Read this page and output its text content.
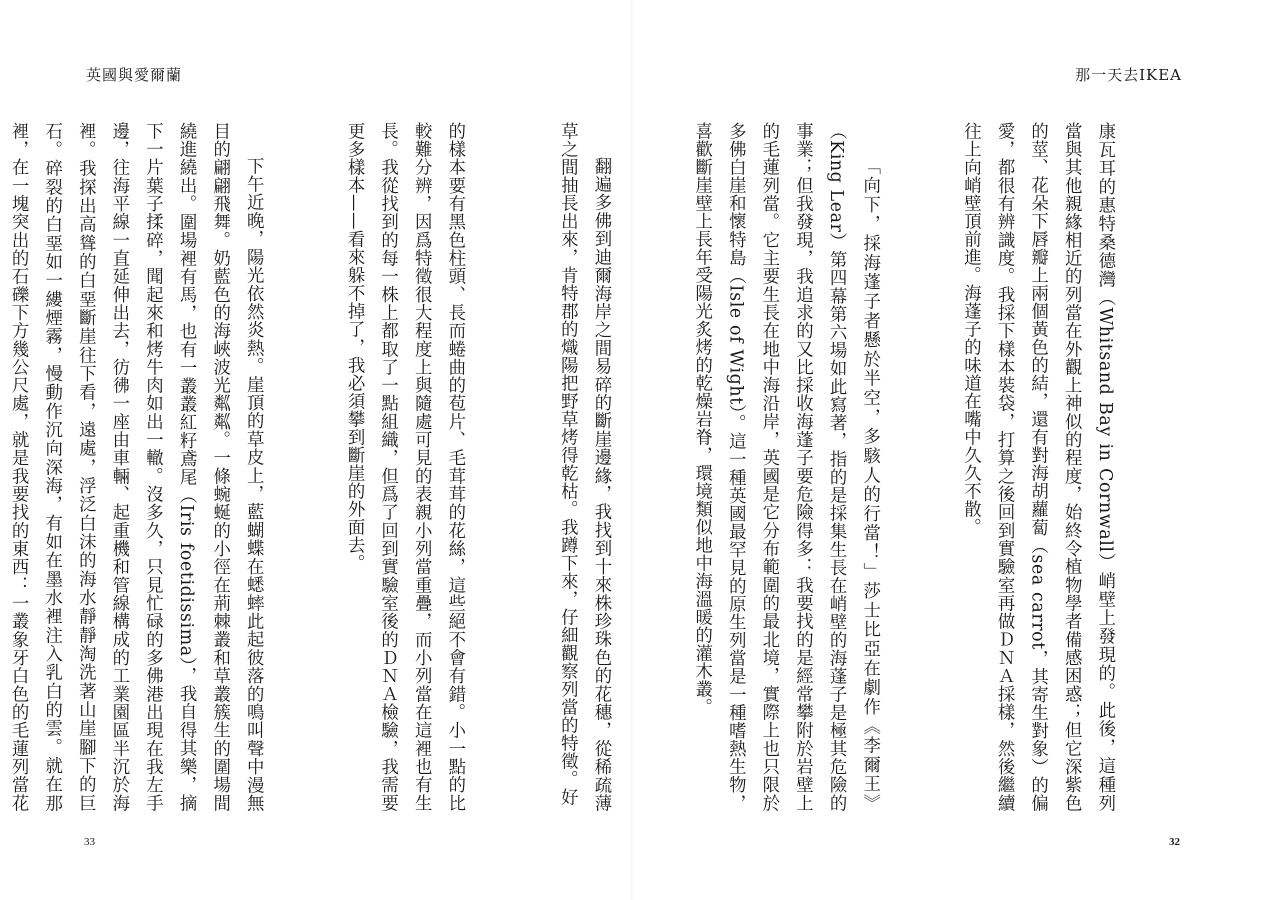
英國與愛爾蘭

的樣本要有黑色柱頭、長而蜷曲的苞片、毛茸茸的花絲，這些絕不會有錯。小一點的比較難分辨，因爲特徵很大程度上與隨處可見的表親小列當重疊，而小列當在這裡也有生長。我從找到的每一株上都取了一點組織，但爲了回到實驗室後的ＤＮＡ檢驗，我需要更多樣本——看來躲不掉了，我必須攀到斷崖的外面去。

下午近晚，陽光依然炎熱。崖頂的草皮上，藍蝴蝶在蟋蟀此起彼落的鳴叫聲中漫無目的翩翩飛舞。奶藍色的海峽波光粼粼。一條蜿蜒的小徑在荊棘叢和草叢簇生的圍場間繞進繞出。圍場裡有馬，也有一叢叢紅籽鳶尾（Iris foetidissima），我自得其樂，摘下一片葉子揉碎，聞起來和烤牛肉如出一轍。沒多久，只見忙碌的多佛港出現在我左手邊，往海平線一直延伸出去，彷彿一座由車輛、起重機和管線構成的工業園區半沉於海裡。我探出高聳的白堊斷崖往下看，遠處，浮泛白沫的海水靜靜淘洗著山崖腳下的巨石。碎裂的白堊如一縷煙霧，慢動作沉向深海，有如在墨水裡注入乳白的雲。就在那裡，在一塊突出的石礫下方幾公尺處，就是我要找的東西：一叢象牙白色的毛蓮列當花

33
那一天去IKEA

康瓦耳的惠特桑德灣（Whitsand Bay in Cornwall）峭壁上發現的。此後，這種列當與其他親緣相近的列當在外觀上神似的程度，始終令植物學者備感困惑；但它深紫色的莖、花朵下唇瓣上兩個黃色的結，還有對海胡蘿蔔（sea carrot，其寄生對象）的偏愛，都很有辨識度。我採下樣本裝袋，打算之後回到實驗室再做ＤＮＡ採樣，然後繼續往上向峭壁頂前進。海蓬子的味道在嘴中久久不散。

「向下，採海蓬子者懸於半空，多駭人的行當！」莎士比亞在劇作《李爾王》（King Lear）第四幕第六場如此寫著，指的是採集生長在峭壁的海蓬子是極其危險的事業；但我發現，我追求的又比採收海蓬子要危險得多：我要找的是經常攀附於岩壁上的毛蓮列當。它主要生長在地中海沿岸，英國是它分布範圍的最北境，實際上也只限於多佛白崖和懷特島（Isle of Wight）。這一種英國最罕見的原生列當是一種嗜熱生物，喜歡斷崖壁上長年受陽光炙烤的乾燥岩脊，環境類似地中海溫暖的灌木叢。

翻遍多佛到迪爾海岸之間易碎的斷崖邊緣，我找到十來株珍珠色的花穗，從稀疏薄草之間抽長出來，肯特郡的熾陽把野草烤得乾枯。我蹲下來，仔細觀察列當的特徵。好

32
